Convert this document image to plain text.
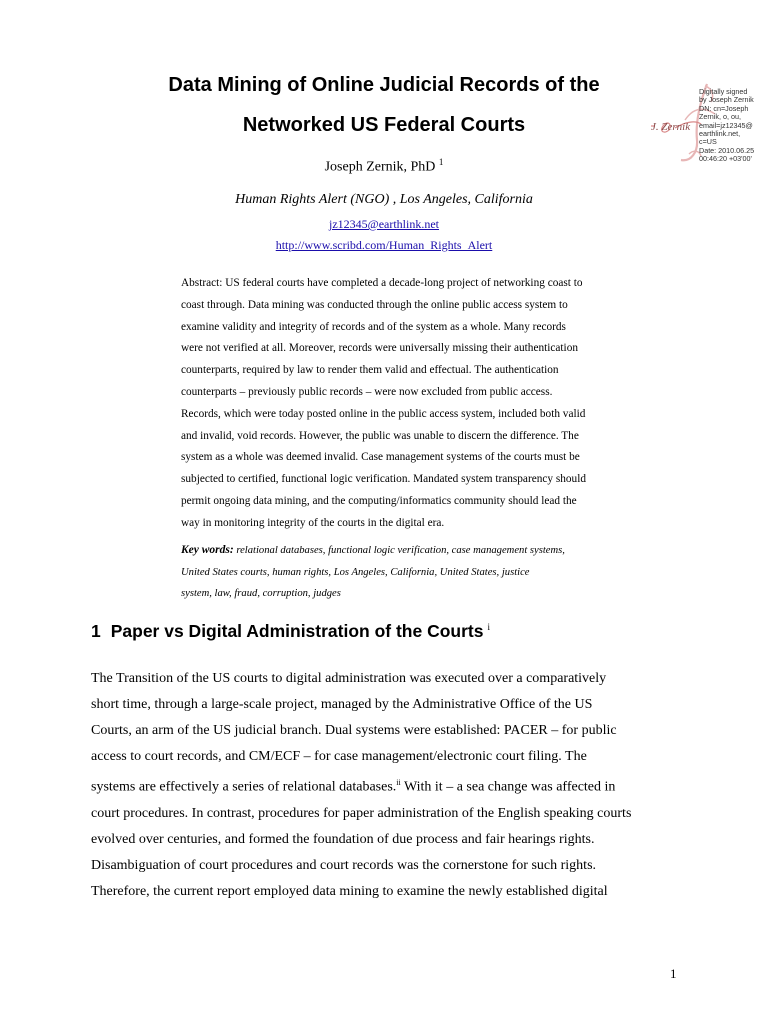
Data Mining of Online Judicial Records of the
Networked US Federal Courts	J. Zernik
Digitally signed
by Joseph Zernik
DN: cn=Joseph
Zernik, o, ou,
email=jz12345@
earthlink.net,
c=US
Date: 2010.06.25
00:46:20 +03'00'
Joseph Zernik, PhD $^1$
Human Rights Alert (NGO) , Los Angeles, California
jz12345@earthlink.net
http://www.scribd.com/Human_Rights_Alert
Abstract: US federal courts have completed a decade-long project of networking coast to
coast through. Data mining was conducted through the online public access system to
examine validity and integrity of records and of the system as a whole. Many records
were not verified at all. Moreover, records were universally missing their authentication
counterparts, required by law to render them valid and effectual. The authentication
counterparts – previously public records – were now excluded from public access.
Records, which were today posted online in the public access system, included both valid
and invalid, void records. However, the public was unable to discern the difference. The
system as a whole was deemed invalid. Case management systems of the courts must be
subjected to certified, functional logic verification. Mandated system transparency should
permit ongoing data mining, and the computing/informatics community should lead the
way in monitoring integrity of the courts in the digital era.
Key words: relational databases, functional logic verification, case management systems,
United States courts, human rights, Los Angeles, California, United States, justice
system, law, fraud, corruption, judges
1 Paper vs Digital Administration of the Courts $^i$
The Transition of the US courts to digital administration was executed over a comparatively
short time, through a large-scale project, managed by the Administrative Office of the US
Courts, an arm of the US judicial branch. Dual systems were established: PACER – for public
access to court records, and CM/ECF – for case management/electronic court filing. The
systems are effectively a series of relational databases.$^{ii}$ With it – a sea change was affected in
court procedures. In contrast, procedures for paper administration of the English speaking courts
evolved over centuries, and formed the foundation of due process and fair hearings rights.
Disambiguation of court procedures and court records was the cornerstone for such rights.
Therefore, the current report employed data mining to examine the newly established digital
1
